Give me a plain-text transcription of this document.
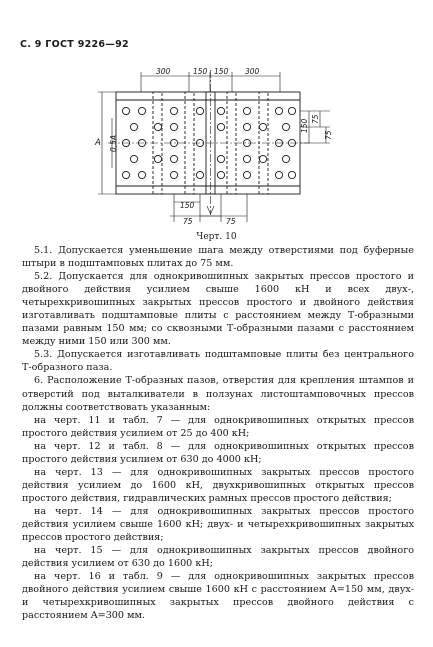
С. 9 ГОСТ 9226—92
300	150 150 300
A 0,5A
150 75
75
150
75	75
Черт. 10

5.1. Допускается уменьшение шага между отверстиями под буферные штыри в подштамповых плитах до 75 мм.

5.2. Допускается для однокривошипных закрытых прессов простого и двойного действия усилием свыше 1600 кН и всех двух-, четырехкривошипных закрытых прессов простого и двойного действия изготавливать подштамповые плиты с расстоянием между Т-образными пазами равным 150 мм; со сквозными Т-образными пазами с расстоянием между ними 150 или 300 мм.

5.3. Допускается изготавливать подштамповые плиты без центрального Т-образного паза.

6. Расположение Т-образных пазов, отверстия для крепления штампов и отверстий под выталкиватели в ползунах листоштамповочных прессов должны соответствовать указанным:

на черт. 11 и табл. 7 — для однокривошипных открытых прессов простого действия усилием от 25 до 400 кН;

на черт. 12 и табл. 8 — для однокривошипных открытых прессов простого действия усилием от 630 до 4000 кН;

на черт. 13 — для однокривошипных закрытых прессов простого действия усилием до 1600 кН, двухкривошипных открытых прессов простого действия, гидравлических рамных прессов простого действия;

на черт. 14 — для однокривошипных закрытых прессов простого действия усилием свыше 1600 кН; двух- и четырехкривошипных закрытых прессов простого действия;

на черт. 15 — для однокривошипных закрытых прессов двойного действия усилием от 630 до 1600 кН;

на черт. 16 и табл. 9 — для однокривошипных закрытых прессов двойного действия усилием свыше 1600 кН с расстоянием A=150 мм, двух- и четырехкривошипных закрытых прессов двойного действия с расстоянием A=300 мм.
